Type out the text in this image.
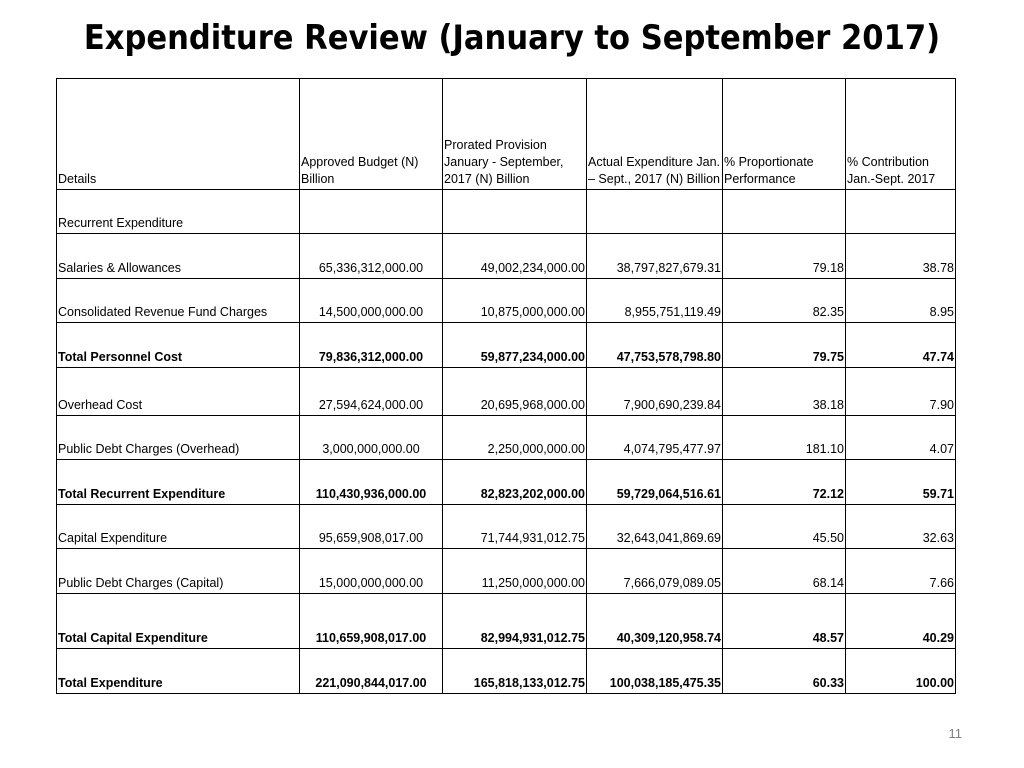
Expenditure Review (January to September 2017)
Details	Approved Budget (N) Billion	Prorated Provision January - September, 2017 (N) Billion	Actual Expenditure Jan. – Sept., 2017 (N) Billion	% Proportionate Performance	% Contribution Jan.-Sept. 2017
Recurrent Expenditure					
Salaries & Allowances	65,336,312,000.00	49,002,234,000.00	38,797,827,679.31	79.18	38.78
Consolidated Revenue Fund Charges	14,500,000,000.00	10,875,000,000.00	8,955,751,119.49	82.35	8.95
Total Personnel Cost	79,836,312,000.00	59,877,234,000.00	47,753,578,798.80	79.75	47.74
Overhead Cost	27,594,624,000.00	20,695,968,000.00	7,900,690,239.84	38.18	7.90
Public Debt Charges (Overhead)	3,000,000,000.00	2,250,000,000.00	4,074,795,477.97	181.10	4.07
Total Recurrent Expenditure	110,430,936,000.00	82,823,202,000.00	59,729,064,516.61	72.12	59.71
Capital Expenditure	95,659,908,017.00	71,744,931,012.75	32,643,041,869.69	45.50	32.63
Public Debt Charges (Capital)	15,000,000,000.00	11,250,000,000.00	7,666,079,089.05	68.14	7.66
Total Capital Expenditure	110,659,908,017.00	82,994,931,012.75	40,309,120,958.74	48.57	40.29
Total Expenditure	221,090,844,017.00	165,818,133,012.75	100,038,185,475.35	60.33	100.00
11
